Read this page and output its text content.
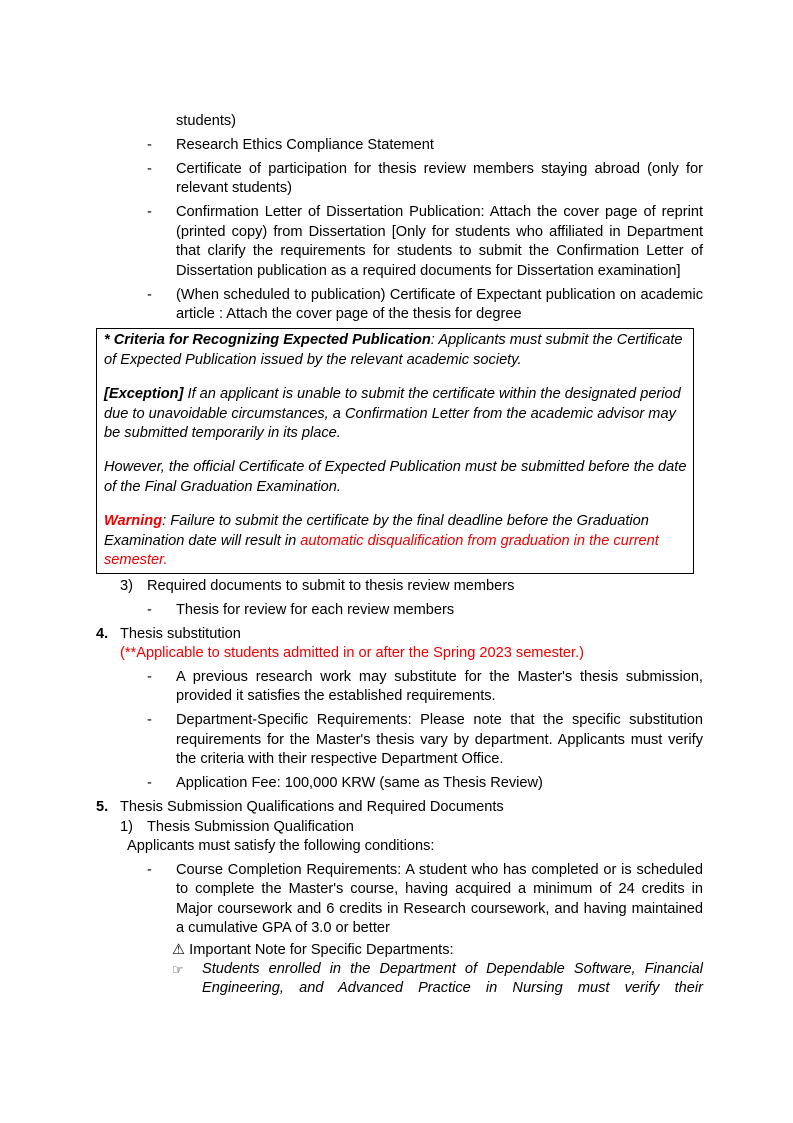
students)

- Research Ethics Compliance Statement

- Certificate of participation for thesis review members staying abroad (only for relevant students)

- Confirmation Letter of Dissertation Publication: Attach the cover page of reprint (printed copy) from Dissertation [Only for students who affiliated in Department that clarify the requirements for students to submit the Confirmation Letter of Dissertation publication as a required documents for Dissertation examination]

- (When scheduled to publication) Certificate of Expectant publication on academic article : Attach the cover page of the thesis for degree

* Criteria for Recognizing Expected Publication: Applicants must submit the Certificate of Expected Publication issued by the relevant academic society.

[Exception] If an applicant is unable to submit the certificate within the designated period due to unavoidable circumstances, a Confirmation Letter from the academic advisor may be submitted temporarily in its place.

However, the official Certificate of Expected Publication must be submitted before the date of the Final Graduation Examination.

Warning: Failure to submit the certificate by the final deadline before the Graduation Examination date will result in automatic disqualification from graduation in the current semester.

3) Required documents to submit to thesis review members

- Thesis for review for each review members

4. Thesis substitution

(**Applicable to students admitted in or after the Spring 2023 semester.)

- A previous research work may substitute for the Master's thesis submission, provided it satisfies the established requirements.

- Department-Specific Requirements: Please note that the specific substitution requirements for the Master's thesis vary by department. Applicants must verify the criteria with their respective Department Office.

- Application Fee: 100,000 KRW (same as Thesis Review)

5. Thesis Submission Qualifications and Required Documents

1) Thesis Submission Qualification

Applicants must satisfy the following conditions:

- Course Completion Requirements: A student who has completed or is scheduled to complete the Master's course, having acquired a minimum of 24 credits in Major coursework and 6 credits in Research coursework, and having maintained a cumulative GPA of 3.0 or better

⚠ Important Note for Specific Departments:

☞ Students enrolled in the Department of Dependable Software, Financial Engineering, and Advanced Practice in Nursing must verify their
